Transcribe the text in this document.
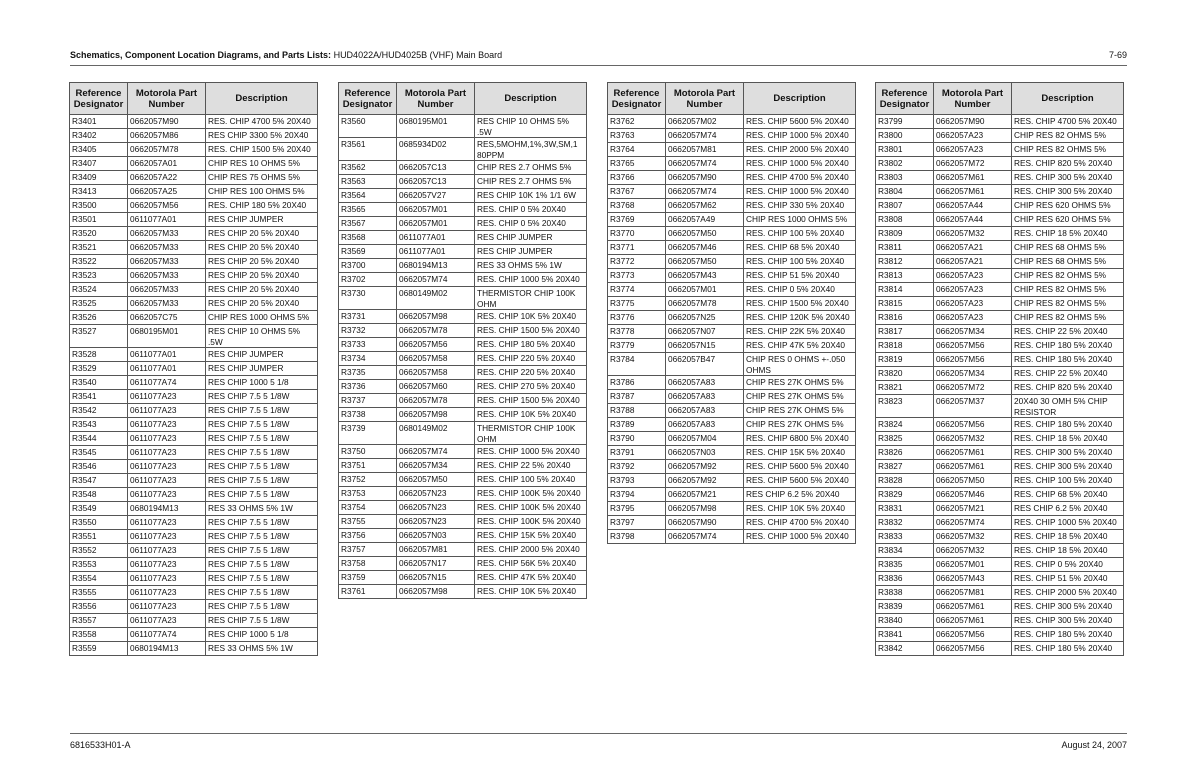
Schematics, Component Location Diagrams, and Parts Lists: HUD4022A/HUD4025B (VHF) Main Board	7-69
Reference Designator	Motorola Part Number	Description
R3401	0662057M90	RES. CHIP 4700 5% 20X40
R3402	0662057M86	RES CHIP 3300 5% 20X40
R3405	0662057M78	RES. CHIP 1500 5% 20X40
R3407	0662057A01	CHIP RES 10 OHMS 5%
R3409	0662057A22	CHIP RES 75 OHMS 5%
R3413	0662057A25	CHIP RES 100 OHMS 5%
R3500	0662057M56	RES. CHIP 180 5% 20X40
R3501	0611077A01	RES CHIP JUMPER
R3520	0662057M33	RES CHIP 20 5% 20X40
R3521	0662057M33	RES CHIP 20 5% 20X40
R3522	0662057M33	RES CHIP 20 5% 20X40
R3523	0662057M33	RES CHIP 20 5% 20X40
R3524	0662057M33	RES CHIP 20 5% 20X40
R3525	0662057M33	RES CHIP 20 5% 20X40
R3526	0662057C75	CHIP RES 1000 OHMS 5%
R3527	0680195M01	RES CHIP 10 OHMS 5% .5W
R3528	0611077A01	RES CHIP JUMPER
R3529	0611077A01	RES CHIP JUMPER
R3540	0611077A74	RES CHIP 1000 5 1/8
R3541	0611077A23	RES CHIP 7.5 5 1/8W
R3542	0611077A23	RES CHIP 7.5 5 1/8W
R3543	0611077A23	RES CHIP 7.5 5 1/8W
R3544	0611077A23	RES CHIP 7.5 5 1/8W
R3545	0611077A23	RES CHIP 7.5 5 1/8W
R3546	0611077A23	RES CHIP 7.5 5 1/8W
R3547	0611077A23	RES CHIP 7.5 5 1/8W
R3548	0611077A23	RES CHIP 7.5 5 1/8W
R3549	0680194M13	RES 33 OHMS 5% 1W
R3550	0611077A23	RES CHIP 7.5 5 1/8W
R3551	0611077A23	RES CHIP 7.5 5 1/8W
R3552	0611077A23	RES CHIP 7.5 5 1/8W
R3553	0611077A23	RES CHIP 7.5 5 1/8W
R3554	0611077A23	RES CHIP 7.5 5 1/8W
R3555	0611077A23	RES CHIP 7.5 5 1/8W
R3556	0611077A23	RES CHIP 7.5 5 1/8W
R3557	0611077A23	RES CHIP 7.5 5 1/8W
R3558	0611077A74	RES CHIP 1000 5 1/8
R3559	0680194M13	RES 33 OHMS 5% 1W
Reference Designator	Motorola Part Number	Description
R3560	0680195M01	RES CHIP 10 OHMS 5% .5W
R3561	0685934D02	RES,5MOHM,1%,3W,SM,1 80PPM
R3562	0662057C13	CHIP RES 2.7 OHMS 5%
R3563	0662057C13	CHIP RES 2.7 OHMS 5%
R3564	0662057V27	RES CHIP 10K 1% 1/1 6W
R3565	0662057M01	RES. CHIP 0 5% 20X40
R3567	0662057M01	RES. CHIP 0 5% 20X40
R3568	0611077A01	RES CHIP JUMPER
R3569	0611077A01	RES CHIP JUMPER
R3700	0680194M13	RES 33 OHMS 5% 1W
R3702	0662057M74	RES. CHIP 1000 5% 20X40
R3730	0680149M02	THERMISTOR CHIP 100K OHM
R3731	0662057M98	RES. CHIP 10K 5% 20X40
R3732	0662057M78	RES. CHIP 1500 5% 20X40
R3733	0662057M56	RES. CHIP 180 5% 20X40
R3734	0662057M58	RES. CHIP 220 5% 20X40
R3735	0662057M58	RES. CHIP 220 5% 20X40
R3736	0662057M60	RES. CHIP 270 5% 20X40
R3737	0662057M78	RES. CHIP 1500 5% 20X40
R3738	0662057M98	RES. CHIP 10K 5% 20X40
R3739	0680149M02	THERMISTOR CHIP 100K OHM
R3750	0662057M74	RES. CHIP 1000 5% 20X40
R3751	0662057M34	RES. CHIP 22 5% 20X40
R3752	0662057M50	RES. CHIP 100 5% 20X40
R3753	0662057N23	RES. CHIP 100K 5% 20X40
R3754	0662057N23	RES. CHIP 100K 5% 20X40
R3755	0662057N23	RES. CHIP 100K 5% 20X40
R3756	0662057N03	RES. CHIP 15K 5% 20X40
R3757	0662057M81	RES. CHIP 2000 5% 20X40
R3758	0662057N17	RES. CHIP 56K 5% 20X40
R3759	0662057N15	RES. CHIP 47K 5% 20X40
R3761	0662057M98	RES. CHIP 10K 5% 20X40
Reference Designator	Motorola Part Number	Description
R3762	0662057M02	RES. CHIP 5600 5% 20X40
R3763	0662057M74	RES. CHIP 1000 5% 20X40
R3764	0662057M81	RES. CHIP 2000 5% 20X40
R3765	0662057M74	RES. CHIP 1000 5% 20X40
R3766	0662057M90	RES. CHIP 4700 5% 20X40
R3767	0662057M74	RES. CHIP 1000 5% 20X40
R3768	0662057M62	RES. CHIP 330 5% 20X40
R3769	0662057A49	CHIP RES 1000 OHMS 5%
R3770	0662057M50	RES. CHIP 100 5% 20X40
R3771	0662057M46	RES. CHIP 68 5% 20X40
R3772	0662057M50	RES. CHIP 100 5% 20X40
R3773	0662057M43	RES. CHIP 51 5% 20X40
R3774	0662057M01	RES. CHIP 0 5% 20X40
R3775	0662057M78	RES. CHIP 1500 5% 20X40
R3776	0662057N25	RES. CHIP 120K 5% 20X40
R3778	0662057N07	RES. CHIP 22K 5% 20X40
R3779	0662057N15	RES. CHIP 47K 5% 20X40
R3784	0662057B47	CHIP RES 0 OHMS +-.050 OHMS
R3786	0662057A83	CHIP RES 27K OHMS 5%
R3787	0662057A83	CHIP RES 27K OHMS 5%
R3788	0662057A83	CHIP RES 27K OHMS 5%
R3789	0662057A83	CHIP RES 27K OHMS 5%
R3790	0662057M04	RES. CHIP 6800 5% 20X40
R3791	0662057N03	RES. CHIP 15K 5% 20X40
R3792	0662057M92	RES. CHIP 5600 5% 20X40
R3793	0662057M92	RES. CHIP 5600 5% 20X40
R3794	0662057M21	RES CHIP 6.2 5% 20X40
R3795	0662057M98	RES. CHIP 10K 5% 20X40
R3797	0662057M90	RES. CHIP 4700 5% 20X40
R3798	0662057M74	RES. CHIP 1000 5% 20X40
Reference Designator	Motorola Part Number	Description
R3799	0662057M90	RES. CHIP 4700 5% 20X40
R3800	0662057A23	CHIP RES 82 OHMS 5%
R3801	0662057A23	CHIP RES 82 OHMS 5%
R3802	0662057M72	RES. CHIP 820 5% 20X40
R3803	0662057M61	RES. CHIP 300 5% 20X40
R3804	0662057M61	RES. CHIP 300 5% 20X40
R3807	0662057A44	CHIP RES 620 OHMS 5%
R3808	0662057A44	CHIP RES 620 OHMS 5%
R3809	0662057M32	RES. CHIP 18 5% 20X40
R3811	0662057A21	CHIP RES 68 OHMS 5%
R3812	0662057A21	CHIP RES 68 OHMS 5%
R3813	0662057A23	CHIP RES 82 OHMS 5%
R3814	0662057A23	CHIP RES 82 OHMS 5%
R3815	0662057A23	CHIP RES 82 OHMS 5%
R3816	0662057A23	CHIP RES 82 OHMS 5%
R3817	0662057M34	RES. CHIP 22 5% 20X40
R3818	0662057M56	RES. CHIP 180 5% 20X40
R3819	0662057M56	RES. CHIP 180 5% 20X40
R3820	0662057M34	RES. CHIP 22 5% 20X40
R3821	0662057M72	RES. CHIP 820 5% 20X40
R3823	0662057M37	20X40 30 OMH 5% CHIP RESISTOR
R3824	0662057M56	RES. CHIP 180 5% 20X40
R3825	0662057M32	RES. CHIP 18 5% 20X40
R3826	0662057M61	RES. CHIP 300 5% 20X40
R3827	0662057M61	RES. CHIP 300 5% 20X40
R3828	0662057M50	RES. CHIP 100 5% 20X40
R3829	0662057M46	RES. CHIP 68 5% 20X40
R3831	0662057M21	RES CHIP 6.2 5% 20X40
R3832	0662057M74	RES. CHIP 1000 5% 20X40
R3833	0662057M32	RES. CHIP 18 5% 20X40
R3834	0662057M32	RES. CHIP 18 5% 20X40
R3835	0662057M01	RES. CHIP 0 5% 20X40
R3836	0662057M43	RES. CHIP 51 5% 20X40
R3838	0662057M81	RES. CHIP 2000 5% 20X40
R3839	0662057M61	RES. CHIP 300 5% 20X40
R3840	0662057M61	RES. CHIP 300 5% 20X40
R3841	0662057M56	RES. CHIP 180 5% 20X40
R3842	0662057M56	RES. CHIP 180 5% 20X40
6816533H01-A	August 24, 2007
